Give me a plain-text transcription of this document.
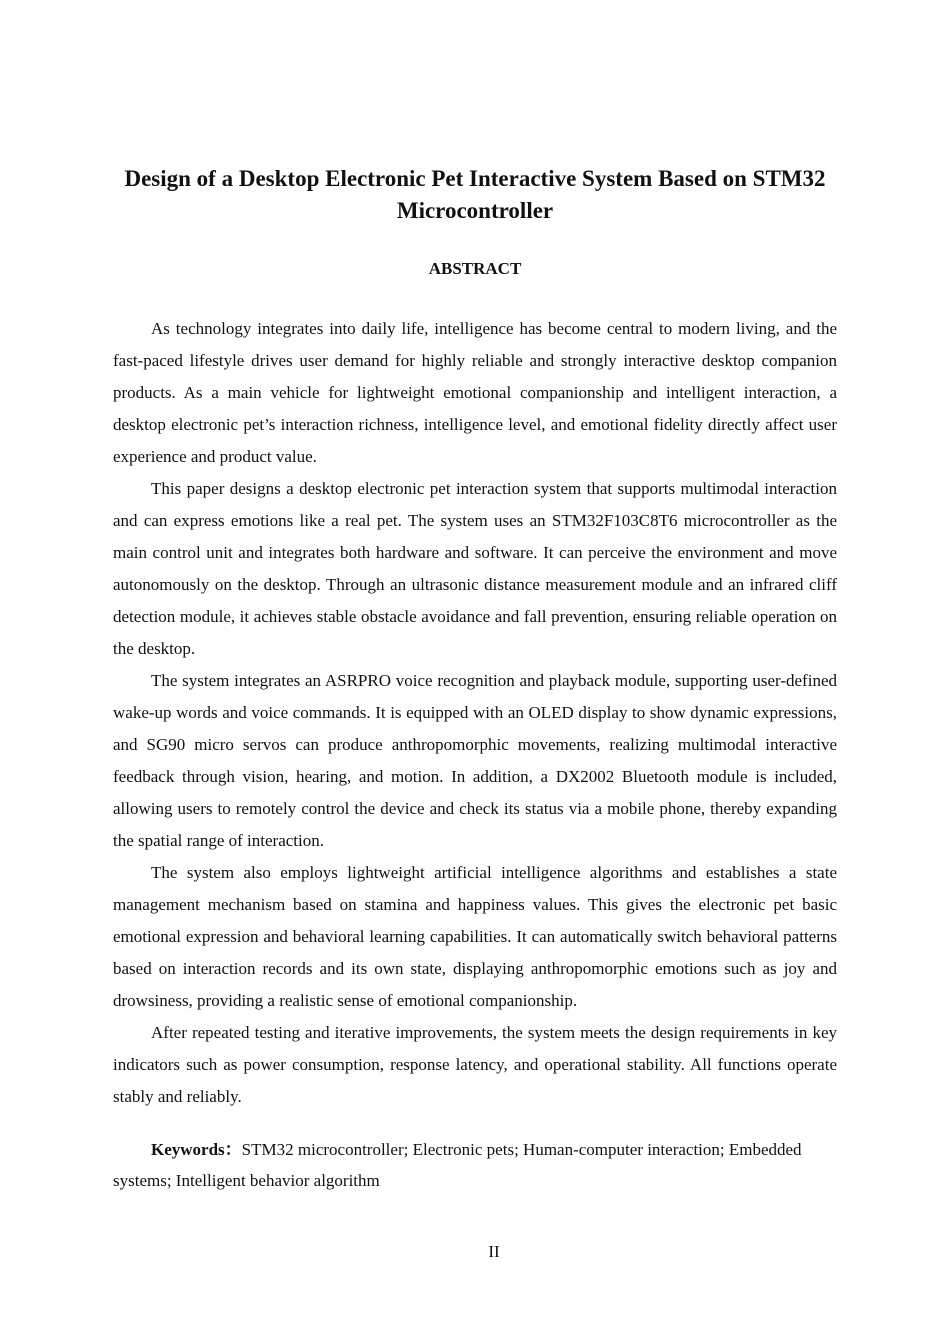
Design of a Desktop Electronic Pet Interactive System Based on STM32 Microcontroller
ABSTRACT

As technology integrates into daily life, intelligence has become central to modern living, and the fast-paced lifestyle drives user demand for highly reliable and strongly interactive desktop companion products. As a main vehicle for lightweight emotional companionship and intelligent interaction, a desktop electronic pet’s interaction richness, intelligence level, and emotional fidelity directly affect user experience and product value.

This paper designs a desktop electronic pet interaction system that supports multimodal interaction and can express emotions like a real pet. The system uses an STM32F103C8T6 microcontroller as the main control unit and integrates both hardware and software. It can perceive the environment and move autonomously on the desktop. Through an ultrasonic distance measurement module and an infrared cliff detection module, it achieves stable obstacle avoidance and fall prevention, ensuring reliable operation on the desktop.

The system integrates an ASRPRO voice recognition and playback module, supporting user-defined wake-up words and voice commands. It is equipped with an OLED display to show dynamic expressions, and SG90 micro servos can produce anthropomorphic movements, realizing multimodal interactive feedback through vision, hearing, and motion. In addition, a DX2002 Bluetooth module is included, allowing users to remotely control the device and check its status via a mobile phone, thereby expanding the spatial range of interaction.

The system also employs lightweight artificial intelligence algorithms and establishes a state management mechanism based on stamina and happiness values. This gives the electronic pet basic emotional expression and behavioral learning capabilities. It can automatically switch behavioral patterns based on interaction records and its own state, displaying anthropomorphic emotions such as joy and drowsiness, providing a realistic sense of emotional companionship.

After repeated testing and iterative improvements, the system meets the design requirements in key indicators such as power consumption, response latency, and operational stability. All functions operate stably and reliably.

Keywords：STM32 microcontroller; Electronic pets; Human-computer interaction; Embedded systems; Intelligent behavior algorithm

II
